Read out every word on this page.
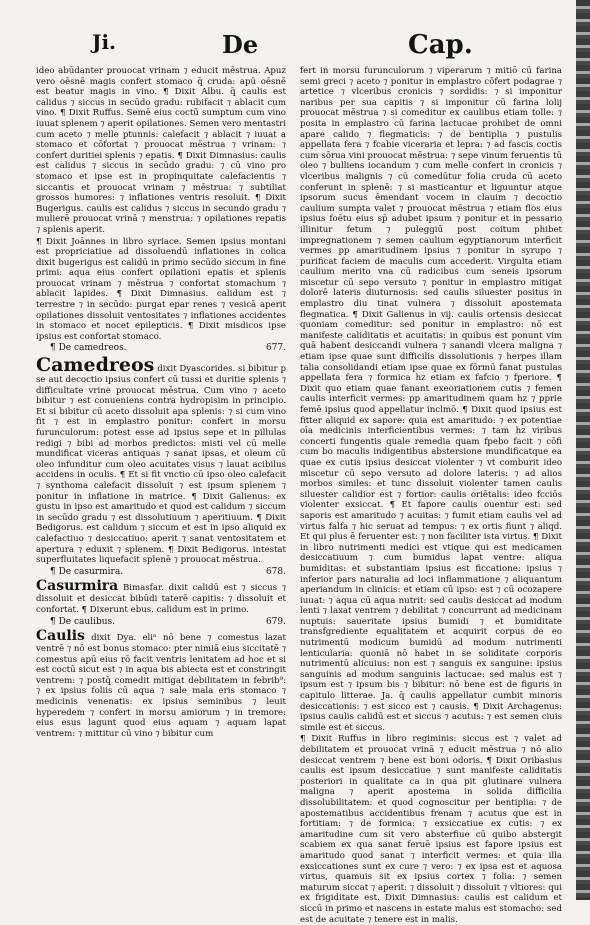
Ji.	De	Cap.

ideo abūdanter prouocat vrinam ⁊ educit mēstrua. Apuz vero oēsnē magis confert stomaco q̄ cruda: apū oēsnē est beatur magis in vino. ¶ Dixit Albu. q̄ caulis est calidus ⁊ siccus in secūdo gradu: rubifacit ⁊ ablacit cum vino. ¶ Dixit Ruffus. Semē eius coctū sumptum cum vino iuuat splenem ⁊ aperit opilationes. Semen vero mentastri cum aceto ⁊ melle ptunnis: calefacit ⁊ ablacit ⁊ iuuat a stomaco et cōfortat ⁊ prouocat mēstrua ⁊ vrinam: ⁊ confert duritiei splenis ⁊ epatis. ¶ Dixit Dimnasius: caulis est calidus ⁊ siccus in secūdo gradu: ⁊ cū vino pro stomaco et ipse est in propinquitate calefacientis ⁊ siccantis et prouocat vrinam ⁊ mēstrua: ⁊ subtiliat grossos humores: ⁊ inflationes ventris resoluit. ¶ Dixit Bugerigus. caulis est calidus ⁊ siccus in secundo gradu ⁊ mulierē prouocat vrinā ⁊ menstrua: ⁊ opilationes repatis ⁊ splenis aperit.

¶ Dixit Joānnes in libro syriace. Semen ipsius montani est propriciatiue ad dissoluendū inflationes in colica dixit bugerigus est calidū in primo secūdo siccum in fine primi: aqua eius confert opilationi epatis et splenis prouocat vrinam ⁊ mēstrua ⁊ confortat stomachum ⁊ ablacit lapides. ¶ Dixit Dimnasius. calidum est ⁊ terrestre ⁊ in secūdo: purgat epar renes ⁊ vesicā aperit opilationes dissoluit ventositates ⁊ inflationes accidentes in stomaco et nocet epilepticis. ¶ Dixit misdicos ipse ipsius est confortat stomaco.

¶ De camedreos.	677.

Camedreos dixit Dyascorides. si bibitur p se aut decoctio ipsius confert cū tussi et duritie splenis ⁊ difficultate vrine prouocat mēstrua. Cum vino ⁊ aceto bibitur ⁊ est conueniens contra hydropisim in principio. Et si bibitur cū aceto dissoluit apa splenis: ⁊ si cum vino fit ⁊ est in emplastro ponitur: confert in morsu furunculorum: potest esse ad ipsius sepe et in pillulas redigi ⁊ bibi ad morbos predictos: misti vel cū melle mundificat viceras antiquas ⁊ sanat ipsas, et oleum cū oleo infunditur cum oleo acuitates visus ⁊ lauat acibilus accidens in oculis. ¶ Et si fit vnctio cū ipso oleo calefacit ⁊ synthoma calefacit dissoluit ⁊ est ipsum splenem ⁊ ponitur in inflatione in matrice. ¶ Dixit Galienus: ex gustu in ipso est amaritudo et quod est calidum ⁊ siccum in secūdo gradu ⁊ est dissolutiuum ⁊ aperitiuum. ¶ Dixit Bedigorus. est calidum ⁊ siccum et est in ipso aliquid ex calefactiuo ⁊ desiccatiuo: aperit ⁊ sanat ventositatem et apertura ⁊ eduxit ⁊ splenem. ¶ Dixit Bedigorus. intestat superfluitates liquefacit splenē ⁊ prouocat mēstrua.

¶ De casurmira.	678.

Casurmira Bimasfar. dixit calidū est ⁊ siccus ⁊ dissoluit et desiccat bibūdi taterē capitis: ⁊ dissoluit et confortat. ¶ Dixerunt ebus. calidum est in primo.

¶ De caulibus.	679.

Caulis dixit Dya. eliⁿ nō bene ⁊ comestus lazat ventrē ⁊ nō est bonus stomaco: pter nimiā eius siccitatē ⁊ comestus apū eius rō facit ventris lenitatem ad hoc et si est coctū sicut est ⁊ in aqua bis abiecta est et constringit ventrem: ⁊ postq̄ comedit mitigat debilitatem in febrib⁹: ⁊ ex ipsius foliis cū aqua ⁊ sale mala eris stomaco ⁊ medicinis venenatis: ex ipsius seminibus ⁊ leuit hyperedem ⁊ confert in morsu amiorum ⁊ in tremore: eius esus lagunt quod eius aquam ⁊ aquam lapat ventrem: ⁊ mittitur cū vino ⁊ bibitur cum

fert in morsu furunculorum ⁊ viperarum ⁊ mitiō cū farina semi greci ⁊ aceto ⁊ ponitur in emplastro cōfert podagrae ⁊ artetice ⁊ vlceribus cronicis ⁊ sordidis: ⁊ si imponitur naribus per sua capitis ⁊ si imponitur cū farina lolij prouocat mēstrua ⁊ si comeditur ex caulibus etiam tolle: ⁊ posita in emplastro cū farina lactucae prohibet de omni apare calido ⁊ flegmaticis: ⁊ de bentiplia ⁊ pustulis appellata fera ⁊ fcabie viceraria et lepra: ⁊ ad fascis coctis cum sōrua vini prouocat mēstrua: ⁊ sepe vinum feruentis tū oleo ⁊ bulliens iocandum ⁊ cum melle confert in cronicis ⁊ vlceribus malignis ⁊ cū comedūtur folia cruda cū aceto conferunt in splenē: ⁊ si masticantur et liguuntur atque ipsorum sucus ēmendant vocem in clauim ⁊ decoctio caulium sumpta valet ⁊ prouocat mēstrua ⁊ etiam flos eius ipsius foētu eius sp̄ adubet ipsum ⁊ ponitur et in pessario illinitur fetum ⁊ puleggiū post coitum phibet impregnationem ⁊ semen caulium egyptianorum interficit vermes pp amaritudinem ipsius ⁊ ponitur in syrupo ⁊ purificat faciem de maculis cum accederit. Virgulta etiam caulium merito vna cū radicibus cum seneis ipsorum miscetur cū sepo versuto ⁊ ponitur in emplastro mitigat dolorē lateris diuturnosis: sed caulis siluester positus in emplastro diu tinat vulnera ⁊ dissoluit apostemata flegmatica. ¶ Dixit Galienus in vij. caulis ortensis desiccat quoniam comeditur: sed ponitur in emplastro: nō est manifeste caliditatis et acuitatis: in quibus est ponunt vim quā habent desiccandi vulnera ⁊ sanandi vlcera maligna ⁊ etiam ipse quae sunt difficilis dissolutionis ⁊ herpes illam talia consolidandi etiam ipse quae ex fōrmū fanat pustulas appellata fera ⁊ formica hz etiam ex fafcio ⁊ fperiore. ¶ Dixit quo etiam quae fanant exeoriationem cutis ⁊ femen caulis interficit vermes: pp amaritudinem quam hz ⁊ pprie femē ipsius quod appellatur inclmō. ¶ Dixit quod ipsius est fitter aliquid ex sapore: quia est amaritudo: ⁊ ex potentiae oīa medicinis interficientibus vermes: ⁊ tam hz viribus concerti fungentis quale remedia quam fpebo facit ⁊ cōfi cum bo maculis indigentibus abstersione mundificatque ea quae ex cutis ipsius desiccat violenter ⁊ vt comburit ideo miscetur cū sepo versuto ad dolore lateris: ⁊ ad alios morbos similes: et tunc dissoluit violenter tamen caulis siluester calidior est ⁊ fortior: caulis oriētalis: ideo fcciōs violenter exsiccat. ¶ Et fapore caulis ouentur est: sed saporis est amaritudo ⁊ acuitas: ⁊ fumit etiam caulis vel ad virtus falfa ⁊ hic seruat ad tempus: ⁊ ex ortis fiunt ⁊ aliqd. Et qui plus ē feruenter est: ⁊ non faciliter ista virtus. ¶ Dixit in libro nutrimenti medici est vtique qui est medicamen desiccatiuum ⁊ cum bumidus lapat ventre: aliqua bumiditas: et substantiam ipsius est ficcatione: ipsius ⁊ inferior pars naturalia ad loci inflammatione ⁊ aliquantum aperiandum in clinicis: et etiam cū ipso: est ⁊ cū ocozapere iuuat: ⁊ aqua cū aqua nutrit: sed caulis desiccat ad modum lenti ⁊ laxat ventrem ⁊ debilitat ⁊ concurrunt ad medicinam nuptuis: saueritate ipsius bumidi ⁊ et bumiditate transfgrediente equalitatem et acquirit corpus de eo nutrimentū modicum bumidū ad modum nutrimenti lenticularia: quoniā nō habet in se soliditate corporis nutrimentū alicuius: non est ⁊ sanguis ex sanguine: ipsius sanguinis ad modum sanguinis lactucae: sed malus est ⁊ ipsum est ⁊ ipsum bis ⁊ bibitur: nō bene est de figuris in capitulo litterae. Ja. q̄ caulis appellatur cumbit minoris desiccationis: ⁊ est sicco est ⁊ causis. ¶ Dixit Archagenus: ipsius caulis calidū est et siccus ⁊ acutus: ⁊ est semen ciuis simile est et siccus.

¶ Dixit Ruffus in libro regiminis: siccus est ⁊ valet ad debilitatem et prouocat vrinā ⁊ educit mēstrua ⁊ nō alio desiccat ventrem ⁊ bene est boni odoris. ¶ Dixit Oribasius caulis est ipsum desiccatiue ⁊ sunt manifeste caliditatis posteriori in qualitate ca in qua pit glutinare vulnera maligna ⁊ aperit apostema in solida difficilia dissolubilitatem: et quod cognoscitur per bentiplia: ⁊ de apostematibus accidentibus frenam ⁊ acutus que est in fortitiam: ⁊ de formica: ⁊ exsiccatiue ex cutis: ⁊ ex amaritudine cum sit vero absterfiue cū quibo abstergit scabiem ex qua sanat feruē ipsius est fapore ipsius est amaritudo quod sanat ⁊ interficit vermes: et quia illa exsiccationes sunt ex cure ⁊ vero: ⁊ ex ipsa est et aquosa virtus, quamuis sit ex ipsius cortex ⁊ folia: ⁊ semen maturum siccat ⁊ aperit: ⁊ dissoluit ⁊ dissoluit ⁊ vltiores: qui ex frigiditate est. Dixit Dimnasius: caulis est calidum et siccū in primo et nascens in estate malus est stomacho: sed est de acuitate ⁊ tenere est in malis.
